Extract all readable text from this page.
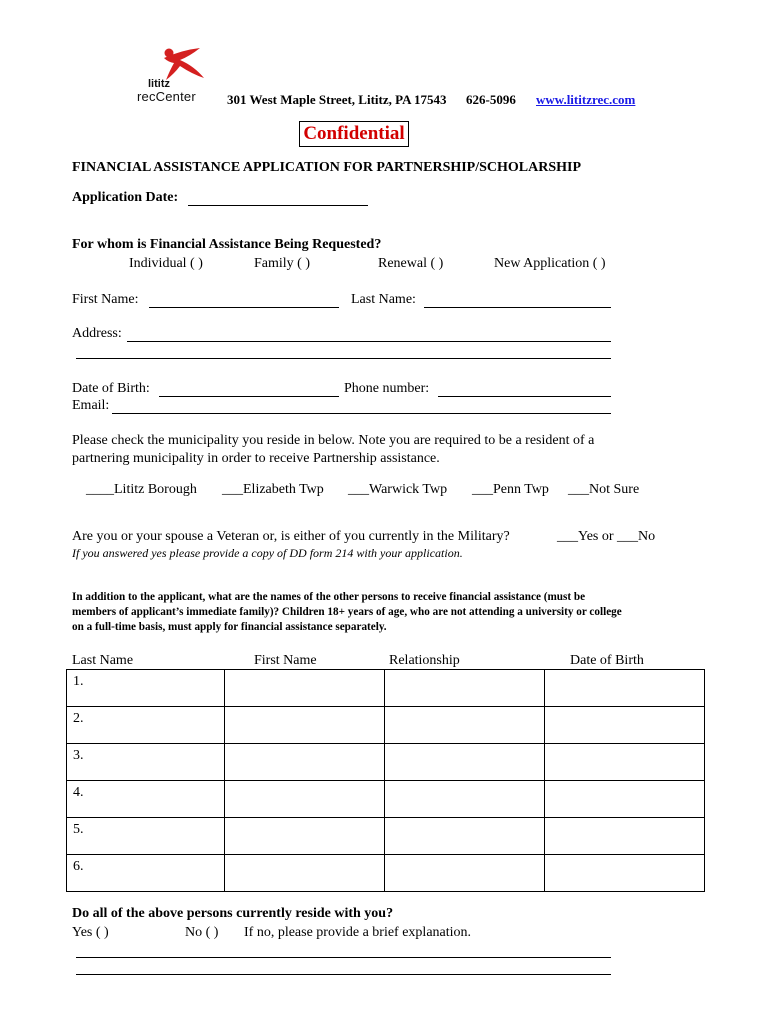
lititz
recCenter 301 West Maple Street, Lititz, PA 17543 626-5096 www.lititzrec.com
Confidential
FINANCIAL ASSISTANCE APPLICATION FOR PARTNERSHIP/SCHOLARSHIP
Application Date:
For whom is Financial Assistance Being Requested?
Individual ( )	Family ( )	Renewal ( )	New Application ( )
First Name:	Last Name:
Address:
Date of Birth:	Phone number:
Email:
Please check the municipality you reside in below. Note you are required to be a resident of a
partnering municipality in order to receive Partnership assistance.
____Lititz Borough ___Elizabeth Twp ___Warwick Twp ___Penn Twp ___Not Sure
Are you or your spouse a Veteran or, is either of you currently in the Military?	___Yes or ___No
If you answered yes please provide a copy of DD form 214 with your application.
In addition to the applicant, what are the names of the other persons to receive financial assistance (must be
members of applicant’s immediate family)? Children 18+ years of age, who are not attending a university or college
on a full-time basis, must apply for financial assistance separately.
Last Name	First Name	Relationship	Date of Birth
1.			
2.			
3.			
4.			
5.			
6.			
Do all of the above persons currently reside with you?
Yes ( )	No ( ) If no, please provide a brief explanation.
